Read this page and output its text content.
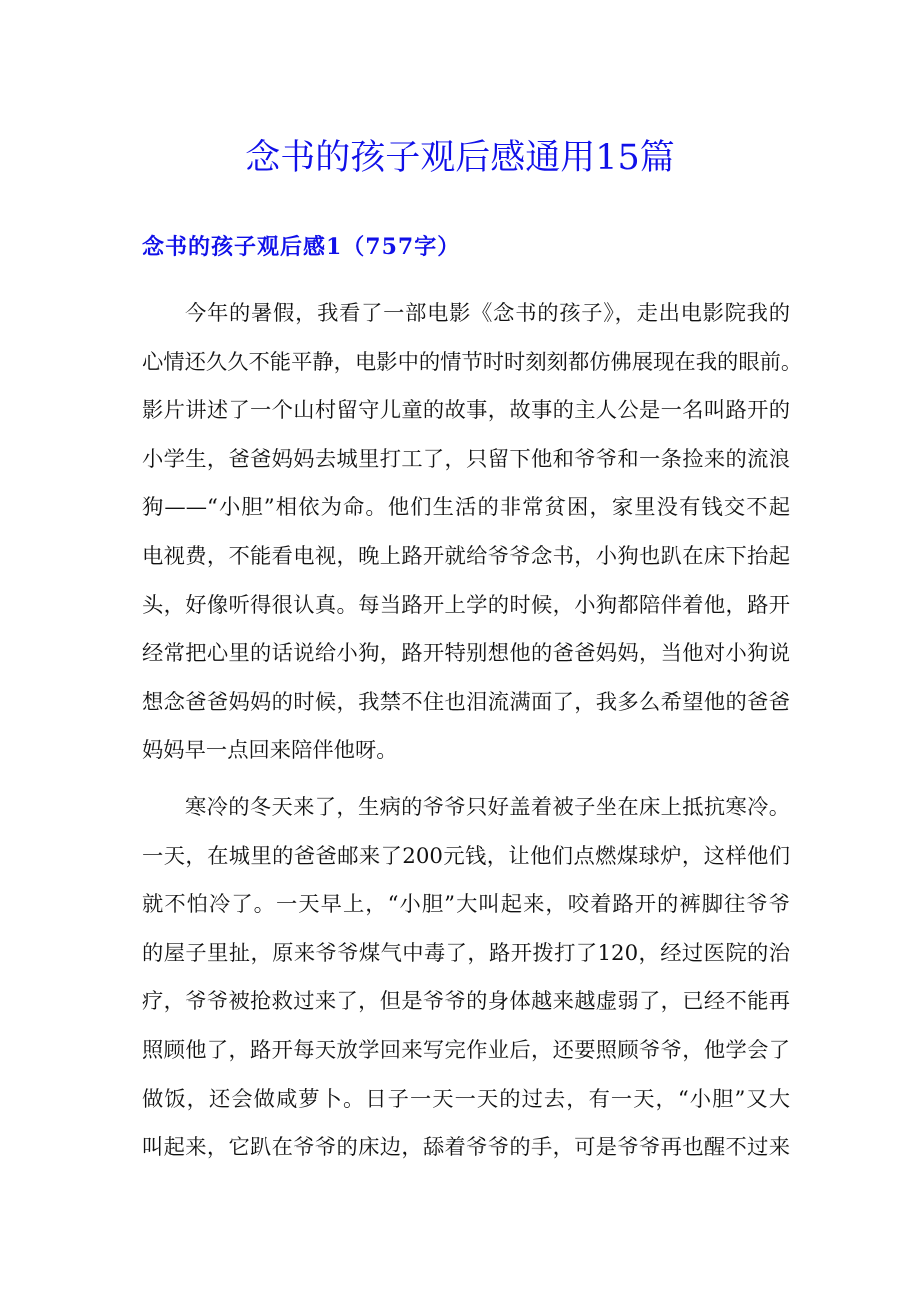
念书的孩子观后感通用15篇
念书的孩子观后感1（757字）
今年的暑假，我看了一部电影《念书的孩子》，走出电影院我的
心情还久久不能平静，电影中的情节时时刻刻都仿佛展现在我的眼前。
影片讲述了一个山村留守儿童的故事，故事的主人公是一名叫路开的
小学生，爸爸妈妈去城里打工了，只留下他和爷爷和一条捡来的流浪
狗——“小胆”相依为命。他们生活的非常贫困，家里没有钱交不起
电视费，不能看电视，晚上路开就给爷爷念书，小狗也趴在床下抬起
头，好像听得很认真。每当路开上学的时候，小狗都陪伴着他，路开
经常把心里的话说给小狗，路开特别想他的爸爸妈妈，当他对小狗说
想念爸爸妈妈的时候，我禁不住也泪流满面了，我多么希望他的爸爸
妈妈早一点回来陪伴他呀。
寒冷的冬天来了，生病的爷爷只好盖着被子坐在床上抵抗寒冷。
一天，在城里的爸爸邮来了200元钱，让他们点燃煤球炉，这样他们
就不怕冷了。一天早上，“小胆”大叫起来，咬着路开的裤脚往爷爷
的屋子里扯，原来爷爷煤气中毒了，路开拨打了120，经过医院的治
疗，爷爷被抢救过来了，但是爷爷的身体越来越虚弱了，已经不能再
照顾他了，路开每天放学回来写完作业后，还要照顾爷爷，他学会了
做饭，还会做咸萝卜。日子一天一天的过去，有一天，“小胆”又大
叫起来，它趴在爷爷的床边，舔着爷爷的手，可是爷爷再也醒不过来
